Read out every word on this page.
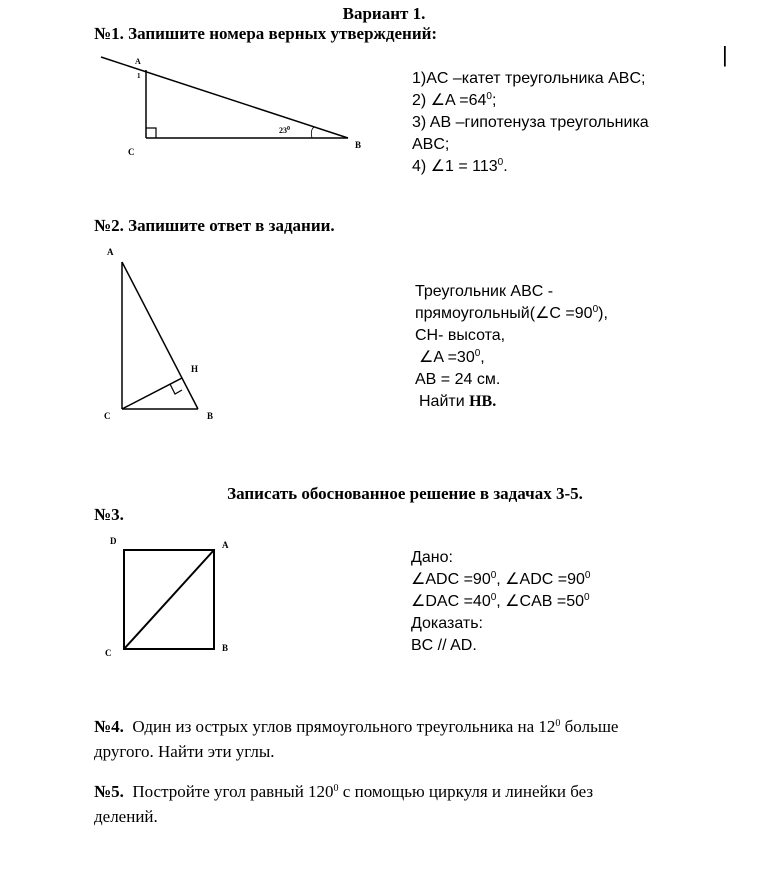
Вариант 1.
|
№1. Запишите номера верных утверждений:
A
1
C
B
$23^0$
1)AC –катет треугольника ABC;
2) ∠A $=64^0$;
3) AB –гипотенуза треугольника
ABC;
4) ∠1 = $113^0$.
№2. Запишите ответ в задании.
A
H
C	B
Треугольник ABC -
прямоугольный(∠C $=90^0$),
CH- высота,
∠A $=30^0$,
AB = 24 см.
Найти HB.
Записать обоснованное решение в задачах 3-5.
№3.
D	A
C	B
Дано:
∠ADC $=90^0$, ∠ADC $=90^0$
∠DAC $=40^0$, ∠CAB $=50^0$
Доказать:
BC // AD.
№4. Один из острых углов прямоугольного треугольника на $12^0$ больше
другого. Найти эти углы.
№5. Постройте угол равный $120^0$ с помощью циркуля и линейки без
делений.
